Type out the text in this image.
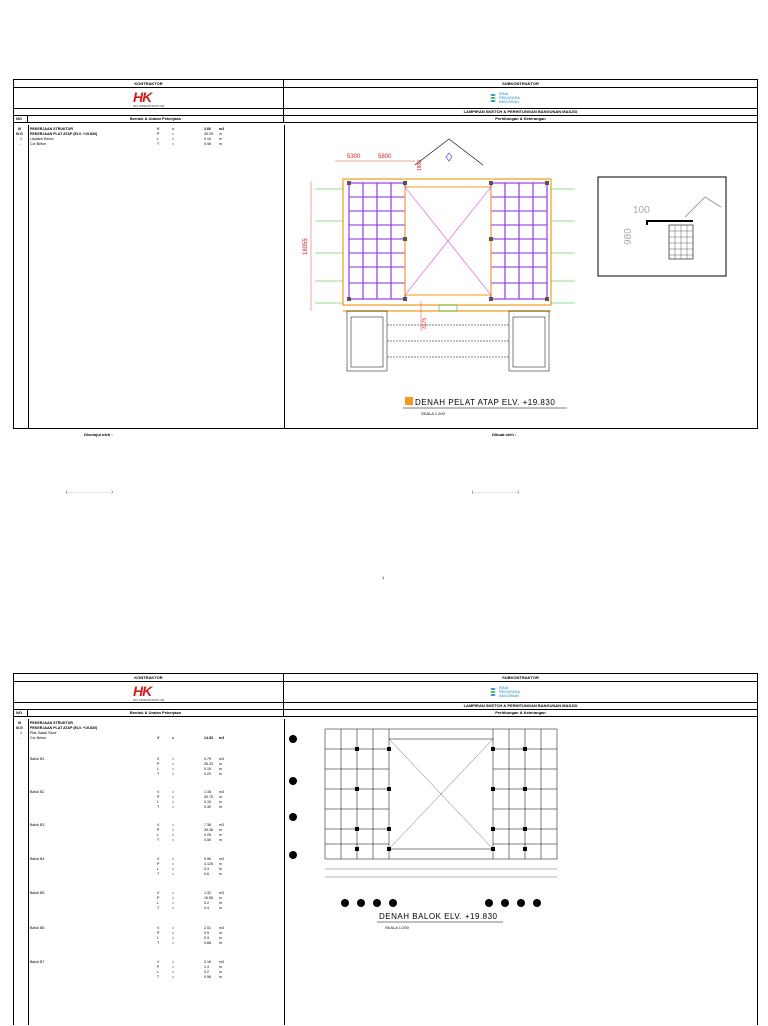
KONTRAKTOR	SUBKONTRAKTOR
HK
HKI INFRASTRUKTUR
BINA
REKAYASA
ANUGRAH
LAMPIRAN SKETCH & PERHITUNGAN BANGUNAN MASJID
NO	Bentuk & Uraian Pekerjaan	Perhitungan & Keterangan
III	PEKERJAAN STRUKTUR
III.G PEKERJAAN PLAT ATAP (ELV. +19.830)
1 Lisplank Beton
- Cor Beton
V	=	2.66 m3
P	=	30.25 m
L	=	0.10 m
T	=	0.98 m
5300	5800
1800
18055
3175
DENAH PELAT ATAP ELV. +19.830
SKALA 1:200
100
980
Disetujui oleh :	Dibuat oleh :
(……………………………)	(……………………………)
1
KONTRAKTOR	SUBKONTRAKTOR
HK
HKI INFRASTRUKTUR
BINA
REKAYASA
ANUGRAH
LAMPIRAN SKETCH & PERHITUNGAN BANGUNAN MASJID
NO	Bentuk & Uraian Pekerjaan	Perhitungan & Keterangan
III	PEKERJAAN STRUKTUR
III.G PEKERJAAN PLAT ATAP (ELV. +19.830)
1 Plat, Balok Sloof
- Cor Beton	V	=	14.53 m3
Balok B1	V	=	0.79 m3
P	=	26.33 m
L	=	0.15 m
T	=	0.20 m
Balok B2	V	=	1.38 m3
P	=	30.75 m
L	=	0.15 m
T	=	0.30 m
Balok B3	V	=	7.38 m3
P	=	39.36 m
L	=	0.25 m
T	=	0.50 m
Balok B4	V	=	0.56 m3
P	=	3.125 m
L	=	0.3	m
T	=	0.6	m
Balok B5	V	=	1.32 m3
P	=	16.55 m
L	=	0.2	m
T	=	0.4	m
Balok B6	V	=	2.51 m3
P	=	9.5	m
L	=	0.3	m
T	=	0.88 m
Balok B7	V	=	0.16 m3
P	=	1.4	m
L	=	0.2	m
T	=	0.58 m
DENAH BALOK ELV. +19.830
SKALA 1:200
